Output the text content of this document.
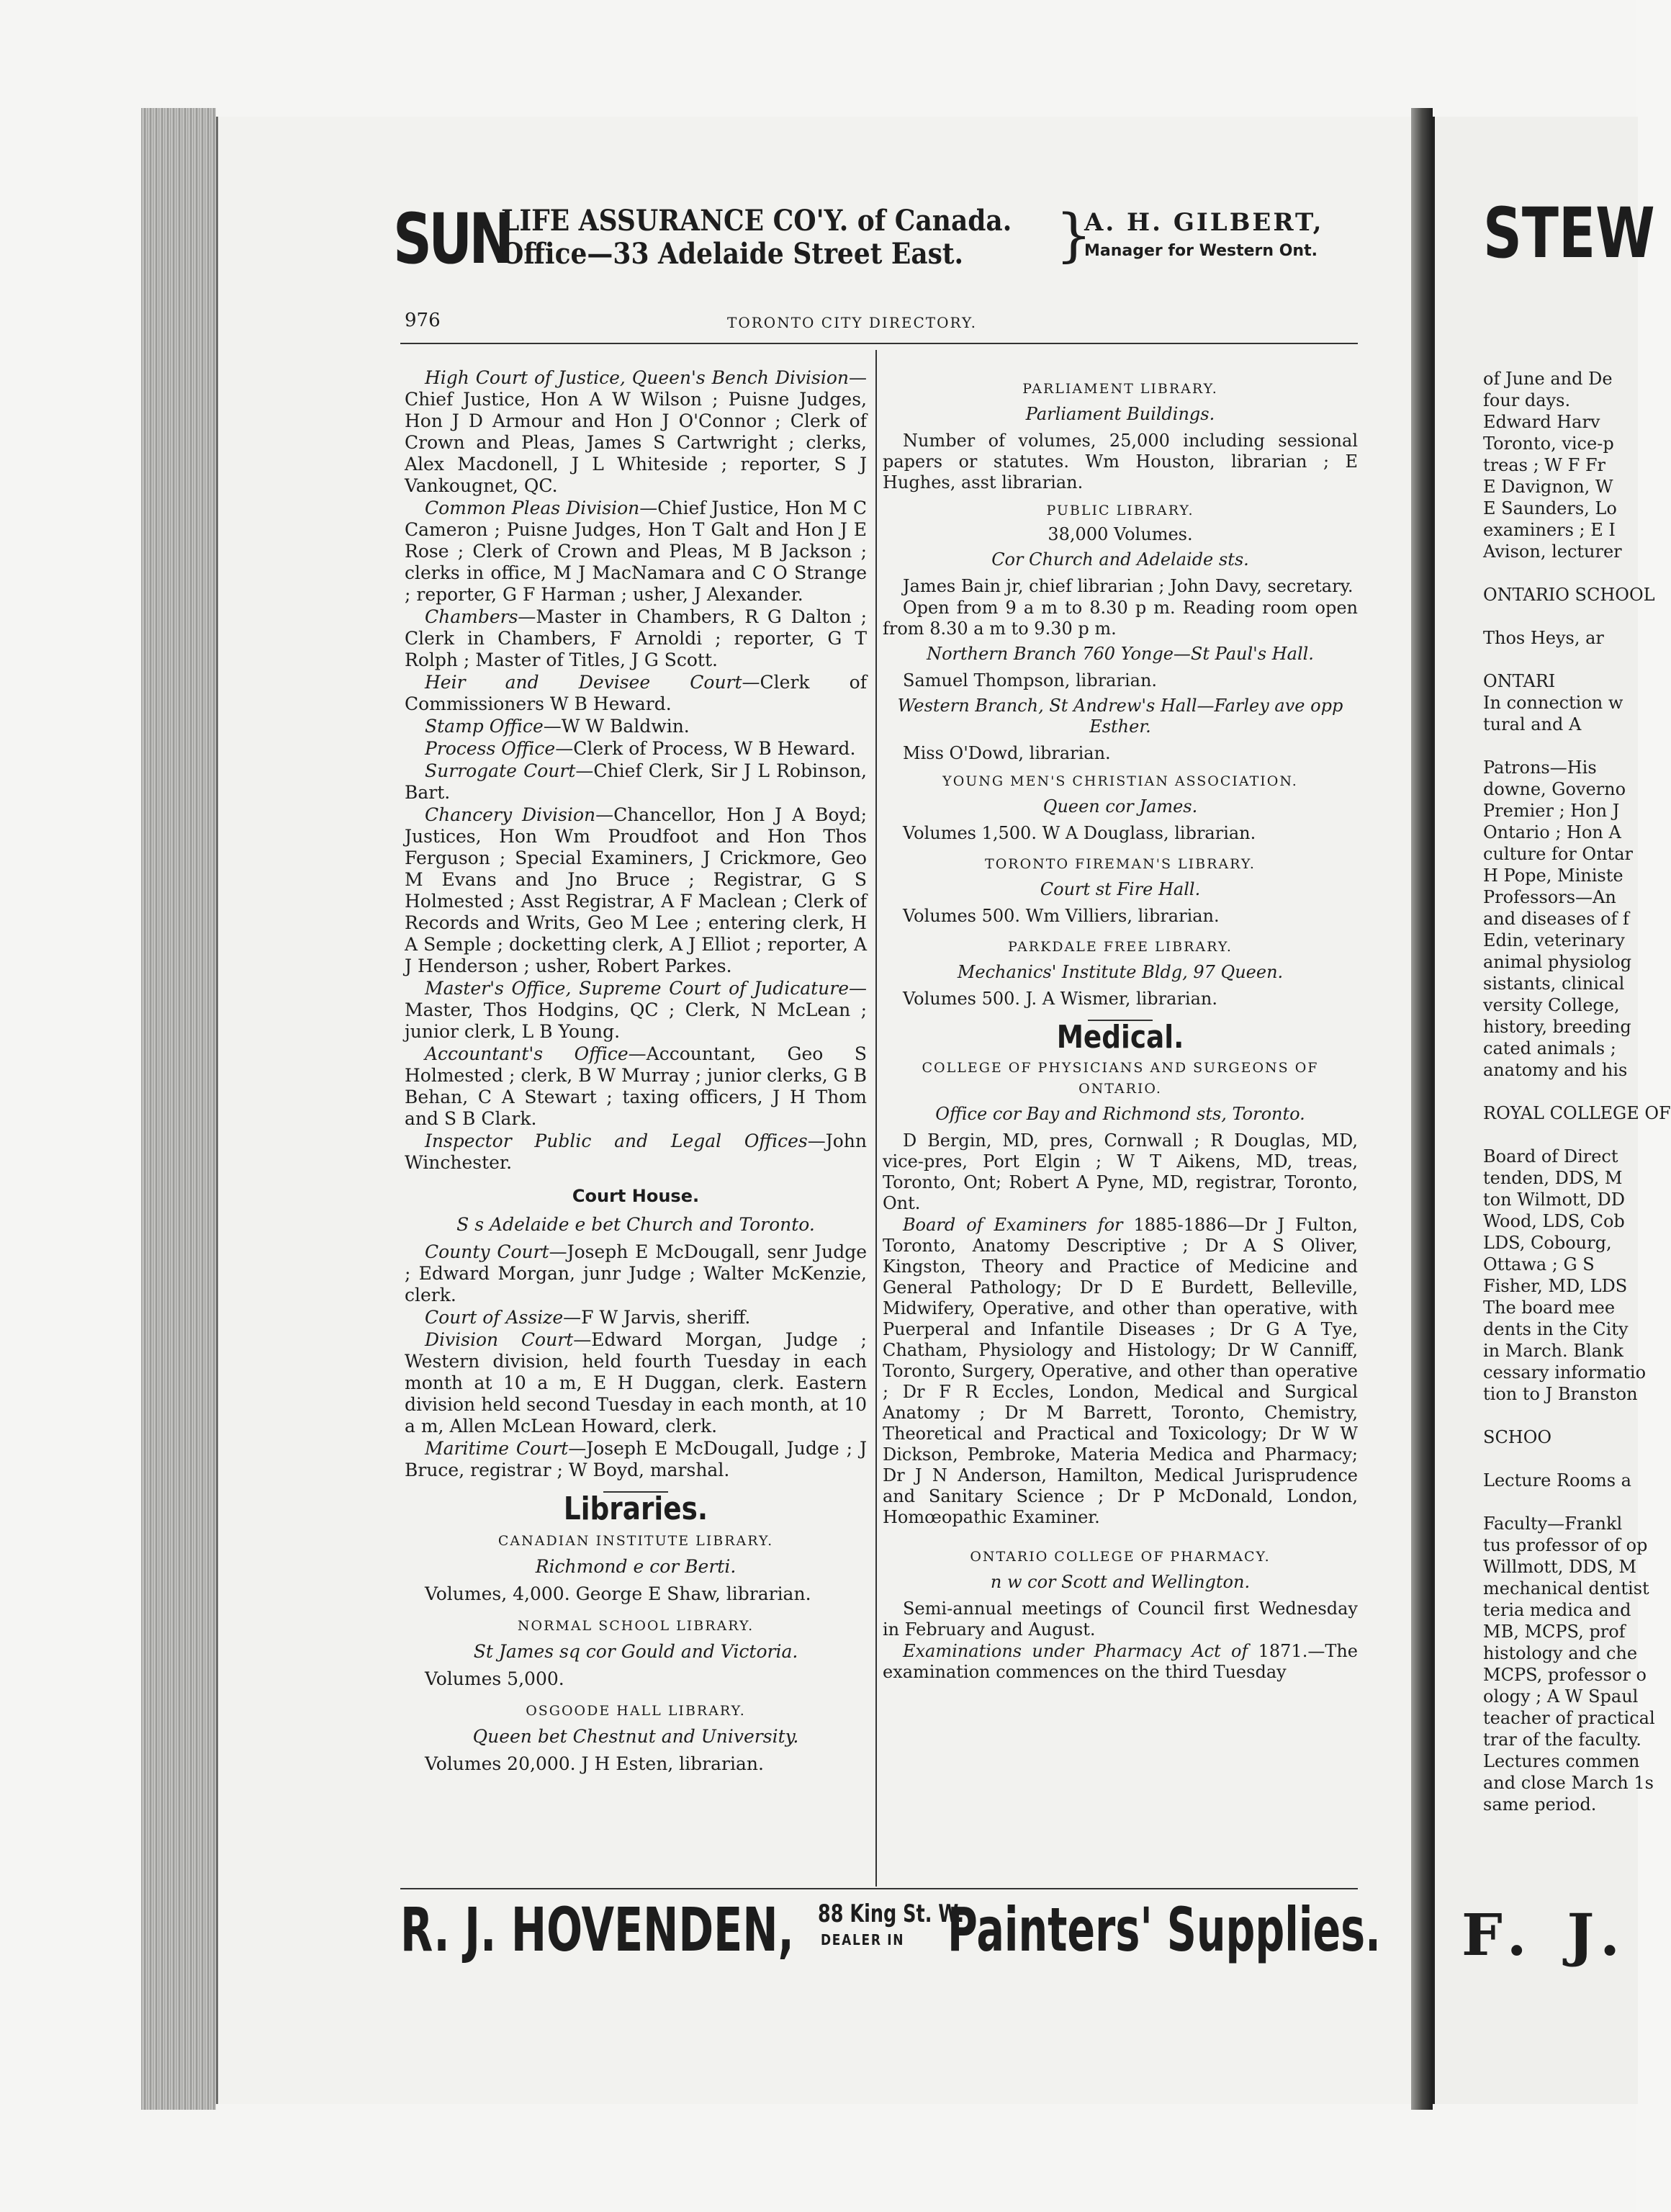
SUN
LIFE ASSURANCE CO'Y. of Canada.
Office—33 Adelaide Street East.	}
A. H. GILBERT,
Manager for Western Ont.
976	TORONTO CITY DIRECTORY.
High Court of Justice, Queen's Bench Division—Chief Justice, Hon A W Wilson ; Puisne Judges, Hon J D Armour and Hon J O'Connor ; Clerk of Crown and Pleas, James S Cartwright ; clerks, Alex Macdonell, J L Whiteside ; reporter, S J Vankougnet, QC.
Common Pleas Division—Chief Justice, Hon M C Cameron ; Puisne Judges, Hon T Galt and Hon J E Rose ; Clerk of Crown and Pleas, M B Jackson ; clerks in office, M J MacNamara and C O Strange ; reporter, G F Harman ; usher, J Alexander.
Chambers—Master in Chambers, R G Dalton ; Clerk in Chambers, F Arnoldi ; reporter, G T Rolph ; Master of Titles, J G Scott.
Heir and Devisee Court—Clerk of Commissioners W B Heward.
Stamp Office—W W Baldwin.
Process Office—Clerk of Process, W B Heward.
Surrogate Court—Chief Clerk, Sir J L Robinson, Bart.
Chancery Division—Chancellor, Hon J A Boyd; Justices, Hon Wm Proudfoot and Hon Thos Ferguson ; Special Examiners, J Crickmore, Geo M Evans and Jno Bruce ; Registrar, G S Holmested ; Asst Registrar, A F Maclean ; Clerk of Records and Writs, Geo M Lee ; entering clerk, H A Semple ; docketting clerk, A J Elliot ; reporter, A J Henderson ; usher, Robert Parkes.
Master's Office, Supreme Court of Judicature—Master, Thos Hodgins, QC ; Clerk, N McLean ; junior clerk, L B Young.
Accountant's Office—Accountant, Geo S Holmested ; clerk, B W Murray ; junior clerks, G B Behan, C A Stewart ; taxing officers, J H Thom and S B Clark.
Inspector Public and Legal Offices—John Winchester.
Court House.
S s Adelaide e bet Church and Toronto.
County Court—Joseph E McDougall, senr Judge ; Edward Morgan, junr Judge ; Walter McKenzie, clerk.
Court of Assize—F W Jarvis, sheriff.
Division Court—Edward Morgan, Judge ; Western division, held fourth Tuesday in each month at 10 a m, E H Duggan, clerk. Eastern division held second Tuesday in each month, at 10 a m, Allen McLean Howard, clerk.
Maritime Court—Joseph E McDougall, Judge ; J Bruce, registrar ; W Boyd, marshal.
Libraries.
CANADIAN INSTITUTE LIBRARY.
Richmond e cor Berti.
Volumes, 4,000. George E Shaw, librarian.
NORMAL SCHOOL LIBRARY.
St James sq cor Gould and Victoria.
Volumes 5,000.
OSGOODE HALL LIBRARY.
Queen bet Chestnut and University.
Volumes 20,000. J H Esten, librarian.
PARLIAMENT LIBRARY.
Parliament Buildings.
Number of volumes, 25,000 including sessional papers or statutes. Wm Houston, librarian ; E Hughes, asst librarian.
PUBLIC LIBRARY.
38,000 Volumes.
Cor Church and Adelaide sts.
James Bain jr, chief librarian ; John Davy, secretary.
Open from 9 a m to 8.30 p m. Reading room open from 8.30 a m to 9.30 p m.
Northern Branch 760 Yonge—St Paul's Hall.
Samuel Thompson, librarian.
Western Branch, St Andrew's Hall—Farley ave opp Esther.
Miss O'Dowd, librarian.
YOUNG MEN'S CHRISTIAN ASSOCIATION.
Queen cor James.
Volumes 1,500. W A Douglass, librarian.
TORONTO FIREMAN'S LIBRARY.
Court st Fire Hall.
Volumes 500. Wm Villiers, librarian.
PARKDALE FREE LIBRARY.
Mechanics' Institute Bldg, 97 Queen.
Volumes 500. J. A Wismer, librarian.
Medical.
COLLEGE OF PHYSICIANS AND SURGEONS OF ONTARIO.
Office cor Bay and Richmond sts, Toronto.
D Bergin, MD, pres, Cornwall ; R Douglas, MD, vice-pres, Port Elgin ; W T Aikens, MD, treas, Toronto, Ont; Robert A Pyne, MD, registrar, Toronto, Ont.
Board of Examiners for 1885-1886—Dr J Fulton, Toronto, Anatomy Descriptive ; Dr A S Oliver, Kingston, Theory and Practice of Medicine and General Pathology; Dr D E Burdett, Belleville, Midwifery, Operative, and other than operative, with Puerperal and Infantile Diseases ; Dr G A Tye, Chatham, Physiology and Histology; Dr W Canniff, Toronto, Surgery, Operative, and other than operative ; Dr F R Eccles, London, Medical and Surgical Anatomy ; Dr M Barrett, Toronto, Chemistry, Theoretical and Practical and Toxicology; Dr W W Dickson, Pembroke, Materia Medica and Pharmacy; Dr J N Anderson, Hamilton, Medical Jurisprudence and Sanitary Science ; Dr P McDonald, London, Homœopathic Examiner.
ONTARIO COLLEGE OF PHARMACY.
n w cor Scott and Wellington.
Semi-annual meetings of Council first Wednesday in February and August.
Examinations under Pharmacy Act of 1871.—The examination commences on the third Tuesday
R. J. HOVENDEN, 88 King St. W.
DEALER IN Painters' Supplies.
STEW
of June and De
four days.
Edward Harv
Toronto, vice-p
treas ; W F Fr
E Davignon, W
E Saunders, Lo
examiners ; E I
Avison, lecturer
ONTARIO SCHOOL
Thos Heys, ar
ONTARI
In connection w
tural and A
Patrons—His
downe, Governo
Premier ; Hon J
Ontario ; Hon A
culture for Ontar
H Pope, Ministe
Professors—An
and diseases of f
Edin, veterinary
animal physiolog
sistants, clinical
versity College,
history, breeding
cated animals ;
anatomy and his
ROYAL COLLEGE OF
Board of Direct
tenden, DDS, M
ton Wilmott, DD
Wood, LDS, Cob
LDS, Cobourg,
Ottawa ; G S
Fisher, MD, LDS
The board mee
dents in the City
in March. Blank
cessary informatio
tion to J Branston
SCHOO
Lecture Rooms a
Faculty—Frankl
tus professor of op
Willmott, DDS, M
mechanical dentist
teria medica and
MB, MCPS, prof
histology and che
MCPS, professor o
ology ; A W Spaul
teacher of practical
trar of the faculty.
Lectures commen
and close March 1s
same period.
F. J.
